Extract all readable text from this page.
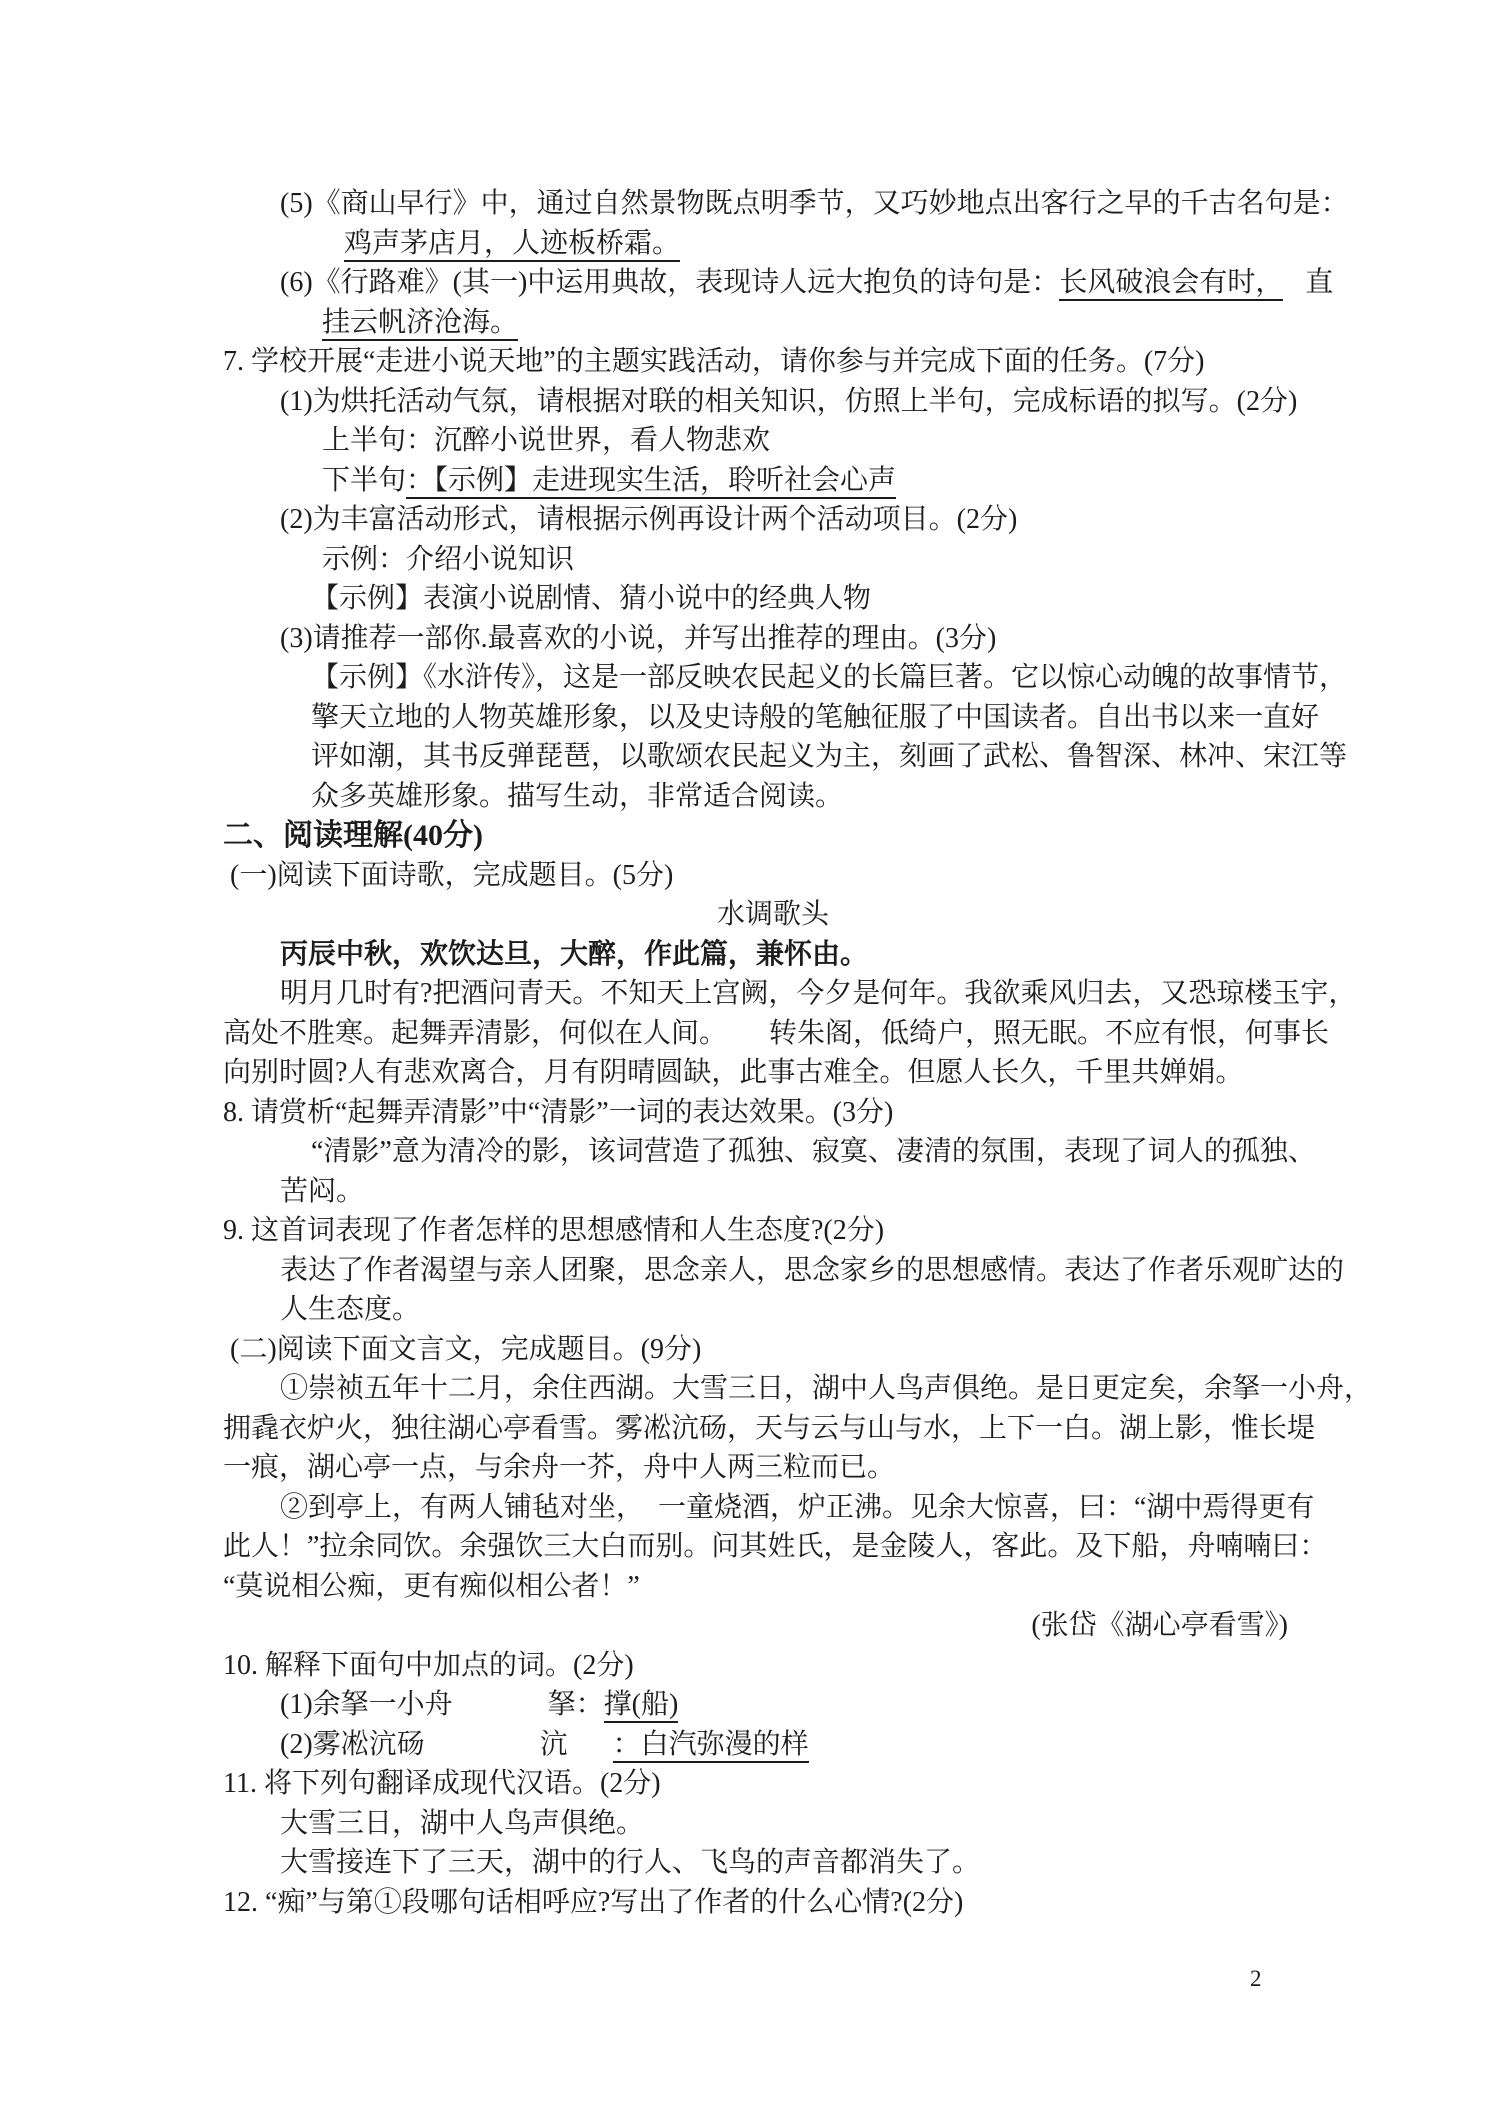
(5)《商山早行》中，通过自然景物既点明季节，又巧妙地点出客行之早的千古名句是：
鸡声茅店月，人迹板桥霜。
(6)《行路难》(其一)中运用典故，表现诗人远大抱负的诗句是：长风破浪会有时， 直
挂云帆济沧海。
7. 学校开展“走进小说天地”的主题实践活动，请你参与并完成下面的任务。(7分)
(1)为烘托活动气氛，请根据对联的相关知识，仿照上半句，完成标语的拟写。(2分)
上半句：沉醉小说世界，看人物悲欢
下半句：【示例】走进现实生活，聆听社会心声
(2)为丰富活动形式，请根据示例再设计两个活动项目。(2分)
示例：介绍小说知识
【示例】表演小说剧情、猜小说中的经典人物
(3)请推荐一部你.最喜欢的小说，并写出推荐的理由。(3分)
【示例】《水浒传》，这是一部反映农民起义的长篇巨著。它以惊心动魄的故事情节，
擎天立地的人物英雄形象，以及史诗般的笔触征服了中国读者。自出书以来一直好
评如潮，其书反弹琵琶，以歌颂农民起义为主，刻画了武松、鲁智深、林冲、宋江等
众多英雄形象。描写生动，非常适合阅读。
二、阅读理解(40分)
(一)阅读下面诗歌，完成题目。(5分)
水调歌头
丙辰中秋，欢饮达旦，大醉，作此篇，兼怀由。
明月几时有?把酒问青天。不知天上宫阙，今夕是何年。我欲乘风归去，又恐琼楼玉宇，
高处不胜寒。起舞弄清影，何似在人间。　　转朱阁，低绮户，照无眠。不应有恨，何事长
向别时圆?人有悲欢离合，月有阴晴圆缺，此事古难全。但愿人长久，千里共婵娟。
8. 请赏析“起舞弄清影”中“清影”一词的表达效果。(3分)
“清影”意为清冷的影，该词营造了孤独、寂寞、凄清的氛围，表现了词人的孤独、
苦闷。
9. 这首词表现了作者怎样的思想感情和人生态度?(2分)
表达了作者渴望与亲人团聚，思念亲人，思念家乡的思想感情。表达了作者乐观旷达的
人生态度。
(二)阅读下面文言文，完成题目。(9分)
①崇祯五年十二月，余住西湖。大雪三日，湖中人鸟声俱绝。是日更定矣，余拏一小舟，
拥毳衣炉火，独往湖心亭看雪。雾凇沆砀，天与云与山与水，上下一白。湖上影，惟长堤
一痕，湖心亭一点，与余舟一芥，舟中人两三粒而已。
②到亭上，有两人铺毡对坐，　一童烧酒，炉正沸。见余大惊喜，曰：“湖中焉得更有
此人！”拉余同饮。余强饮三大白而别。问其姓氏，是金陵人，客此。及下船，舟喃喃曰：
“莫说相公痴，更有痴似相公者！”
(张岱《湖心亭看雪》)
10. 解释下面句中加点的词。(2分)
(1)余拏一小舟	拏：撑(船)
(2)雾凇沆砀	沆 ：白汽弥漫的样
11. 将下列句翻译成现代汉语。(2分)
大雪三日，湖中人鸟声俱绝。
大雪接连下了三天，湖中的行人、飞鸟的声音都消失了。
12. “痴”与第①段哪句话相呼应?写出了作者的什么心情?(2分)
2
